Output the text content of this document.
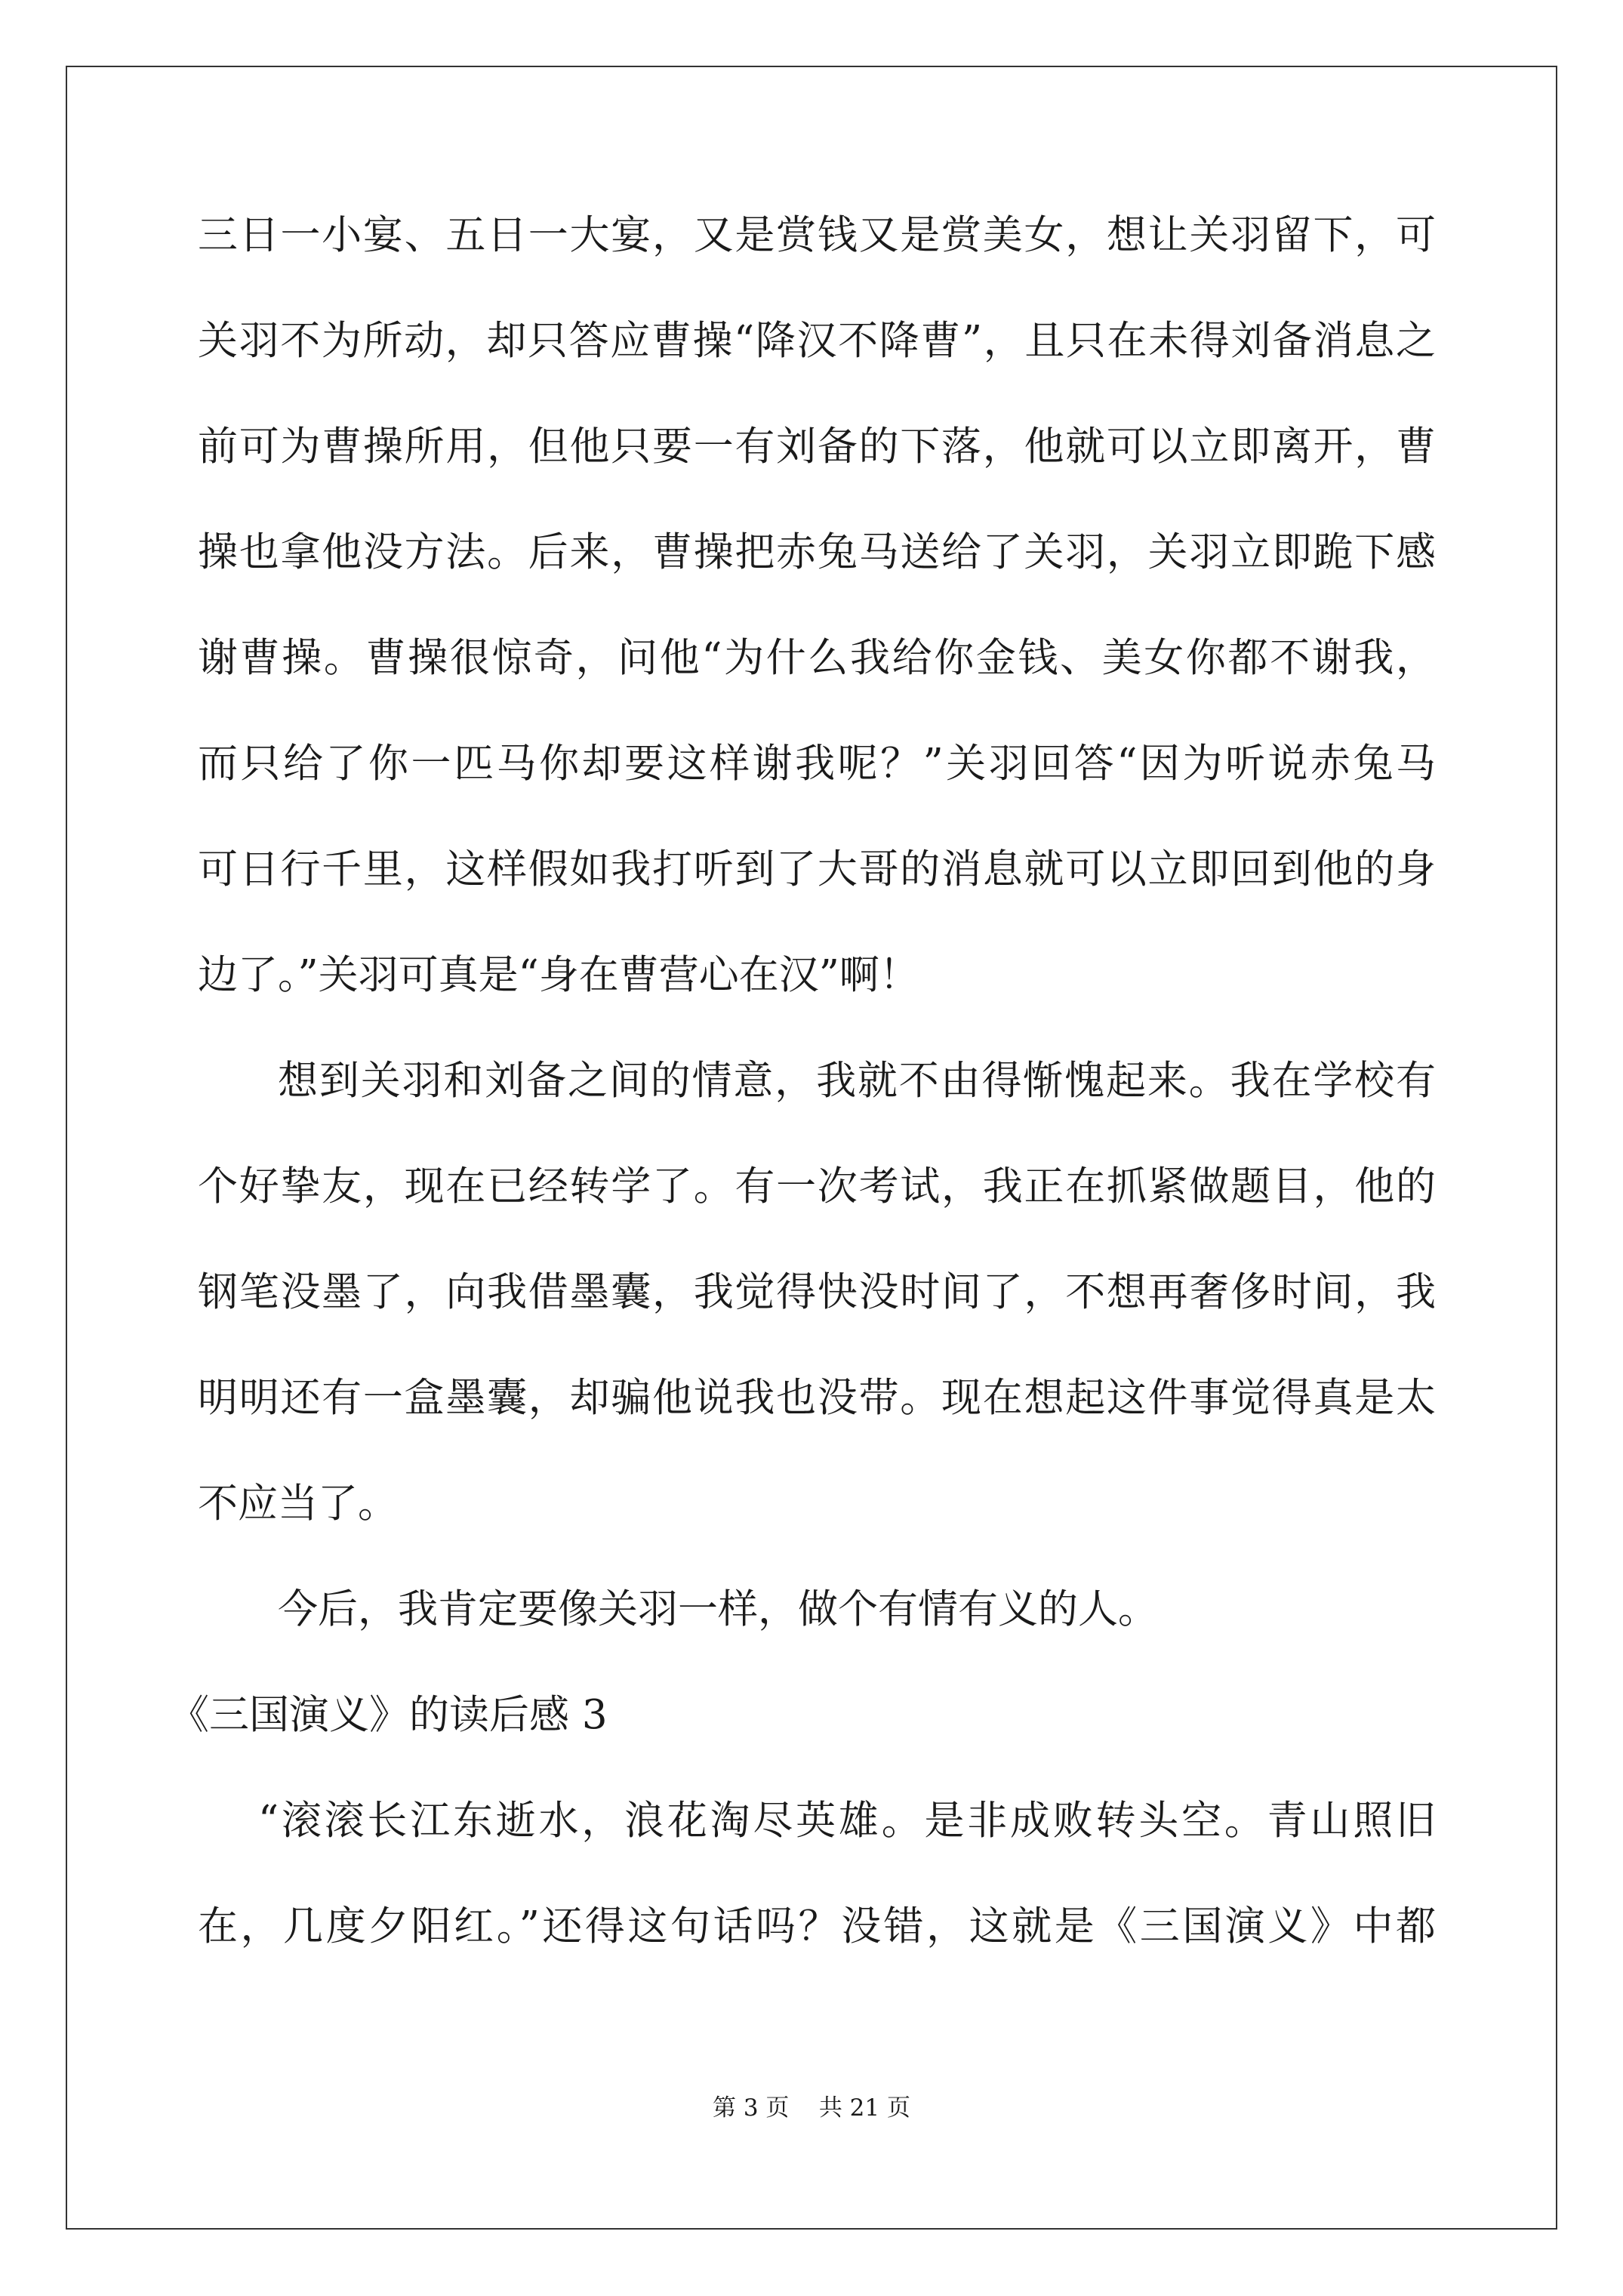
三日一小宴、五日一大宴，又是赏钱又是赏美女，想让关羽留下，可
关羽不为所动，却只答应曹操“降汉不降曹”，且只在未得刘备消息之
前可为曹操所用，但他只要一有刘备的下落，他就可以立即离开，曹
操也拿他没方法。后来，曹操把赤兔马送给了关羽，关羽立即跪下感
谢曹操。曹操很惊奇，问他“为什么我给你金钱、美女你都不谢我，
而只给了你一匹马你却要这样谢我呢？”关羽回答“因为听说赤兔马
可日行千里，这样假如我打听到了大哥的消息就可以立即回到他的身
边了。”关羽可真是“身在曹营心在汉”啊！
想到关羽和刘备之间的情意，我就不由得惭愧起来。我在学校有
个好挚友，现在已经转学了。有一次考试，我正在抓紧做题目，他的
钢笔没墨了，向我借墨囊，我觉得快没时间了，不想再奢侈时间，我
明明还有一盒墨囊，却骗他说我也没带。现在想起这件事觉得真是太
不应当了。
今后，我肯定要像关羽一样，做个有情有义的人。
《三国演义》的读后感 3
“滚滚长江东逝水，浪花淘尽英雄。是非成败转头空。青山照旧
在，几度夕阳红。”还得这句话吗？没错，这就是《三国演义》中都
第 3 页    共 21 页
